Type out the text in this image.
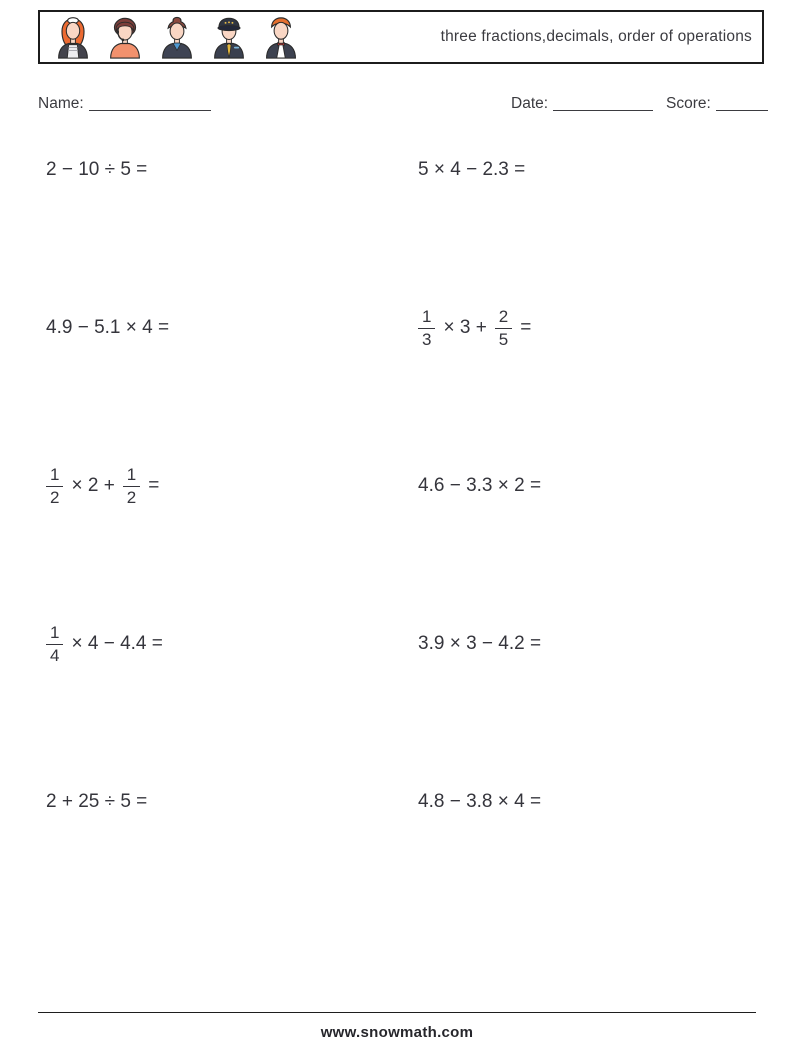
three fractions,decimals, order of operations
Name:	Date:	Score:
2 − 10 ÷ 5 =	5 × 4 − 2.3 =
4.9 − 5.1 × 4 =	$\frac{1}{3} \times 3 + \frac{2}{5}$ =
$\frac{1}{2} \times 2 + \frac{1}{2}$ =	4.6 − 3.3 × 2 =
$\frac{1}{4} \times 4 - 4.4$ =	3.9 × 3 − 4.2 =
2 + 25 ÷ 5 =	4.8 − 3.8 × 4 =
www.snowmath.com
